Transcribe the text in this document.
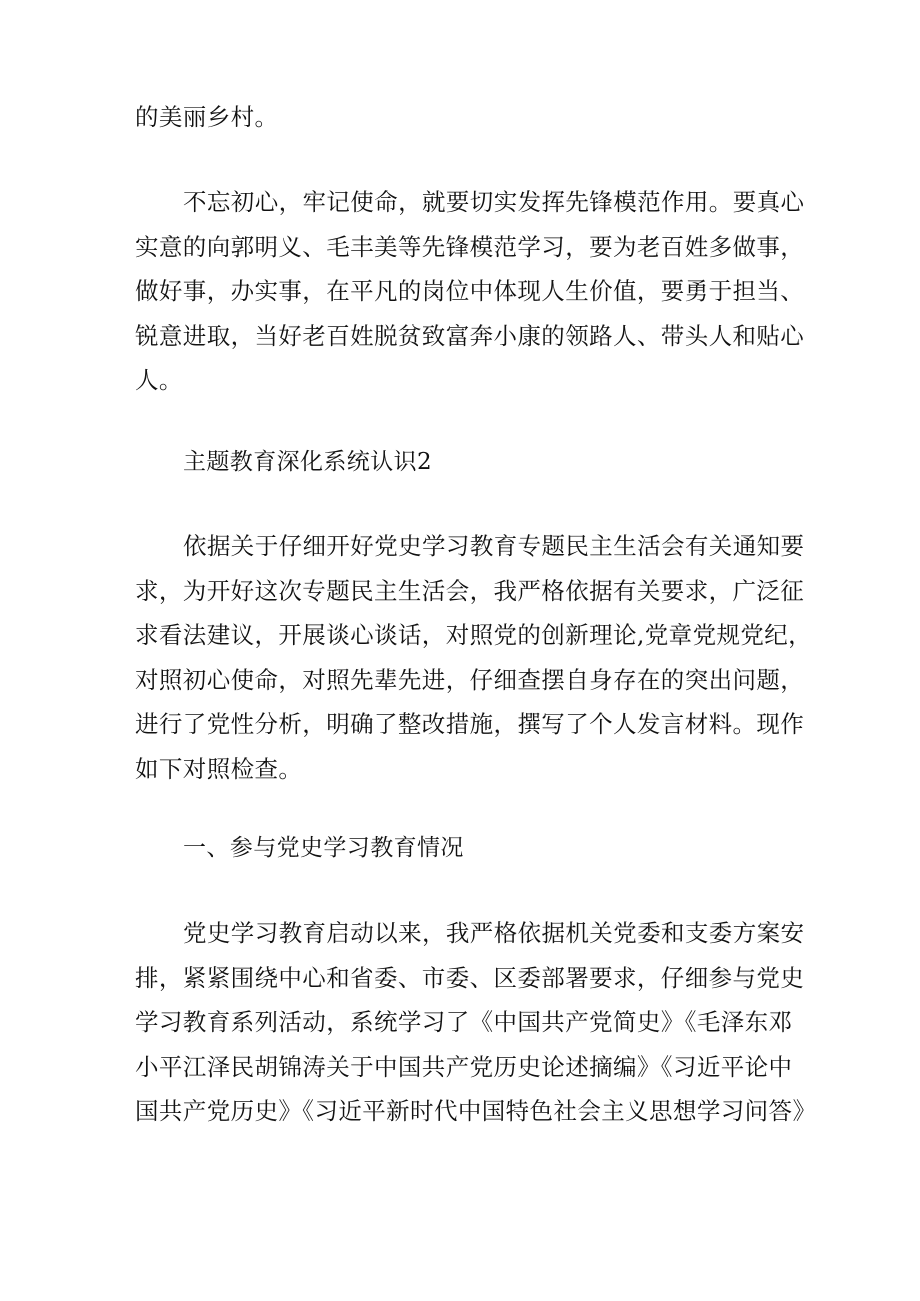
的美丽乡村。

不忘初心，牢记使命，就要切实发挥先锋模范作用。要真心
实意的向郭明义、毛丰美等先锋模范学习，要为老百姓多做事，
做好事，办实事，在平凡的岗位中体现人生价值，要勇于担当、
锐意进取，当好老百姓脱贫致富奔小康的领路人、带头人和贴心
人。

主题教育深化系统认识2

依据关于仔细开好党史学习教育专题民主生活会有关通知要
求，为开好这次专题民主生活会，我严格依据有关要求，广泛征
求看法建议，开展谈心谈话，对照党的创新理论,党章党规党纪，
对照初心使命，对照先辈先进，仔细查摆自身存在的突出问题，
进行了党性分析，明确了整改措施，撰写了个人发言材料。现作
如下对照检查。

一、参与党史学习教育情况

党史学习教育启动以来，我严格依据机关党委和支委方案安
排，紧紧围绕中心和省委、市委、区委部署要求，仔细参与党史
学习教育系列活动，系统学习了《中国共产党简史》《毛泽东邓
小平江泽民胡锦涛关于中国共产党历史论述摘编》《习近平论中
国共产党历史》《习近平新时代中国特色社会主义思想学习问答》
